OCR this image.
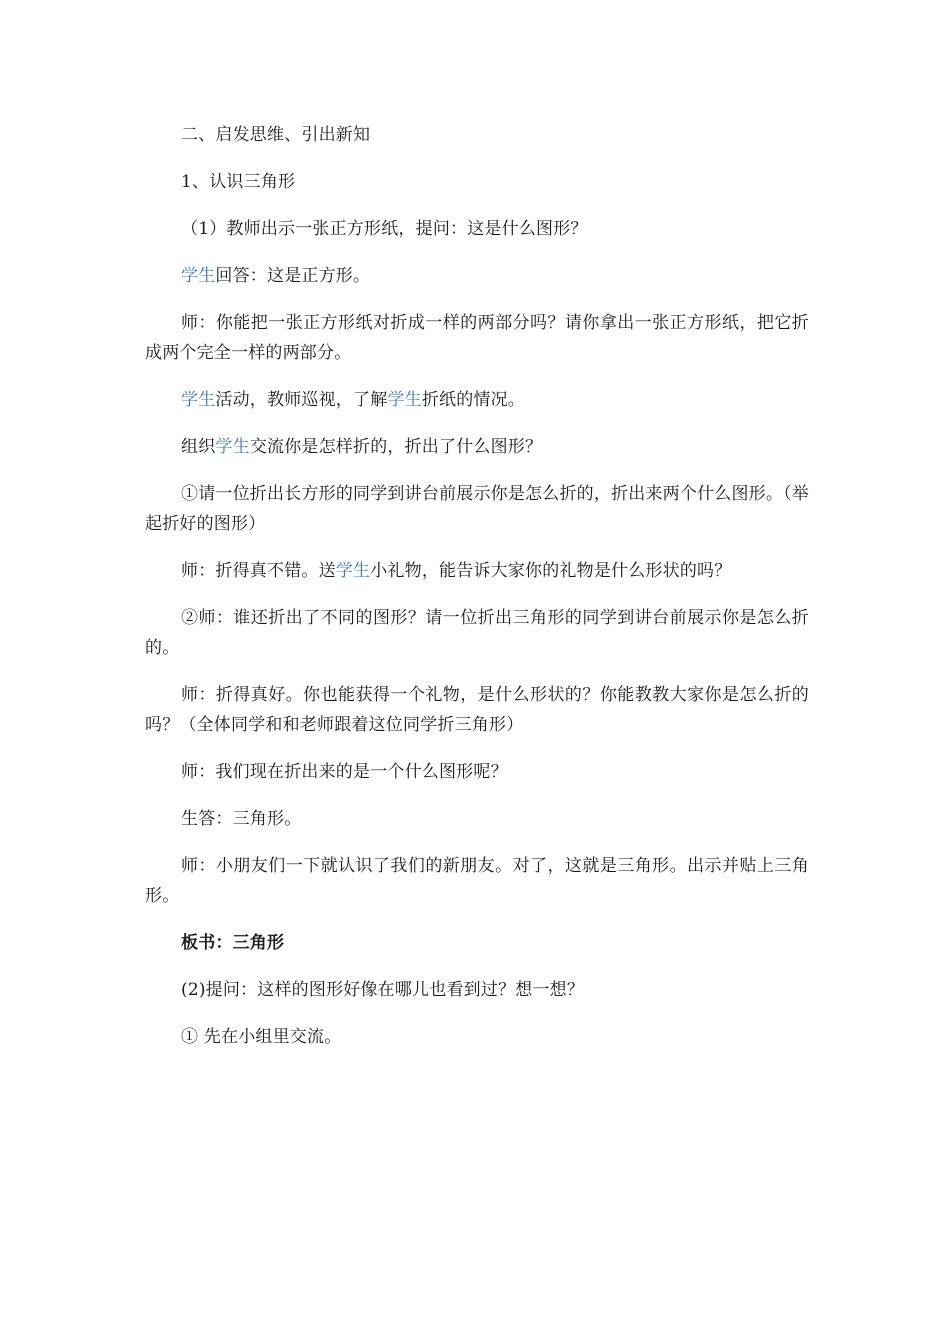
二、启发思维、引出新知

1、认识三角形

（1）教师出示一张正方形纸，提问：这是什么图形？

学生回答：这是正方形。

师：你能把一张正方形纸对折成一样的两部分吗？请你拿出一张正方形纸，把它折成两个完全一样的两部分。

学生活动，教师巡视，了解学生折纸的情况。

组织学生交流你是怎样折的，折出了什么图形？

①请一位折出长方形的同学到讲台前展示你是怎么折的，折出来两个什么图形。（举起折好的图形）

师：折得真不错。送学生小礼物，能告诉大家你的礼物是什么形状的吗？

②师：谁还折出了不同的图形？请一位折出三角形的同学到讲台前展示你是怎么折的。

师：折得真好。你也能获得一个礼物，是什么形状的？你能教教大家你是怎么折的吗？（全体同学和和老师跟着这位同学折三角形）

师：我们现在折出来的是一个什么图形呢？

生答：三角形。

师：小朋友们一下就认识了我们的新朋友。对了，这就是三角形。出示并贴上三角形。

板书：三角形

(2)提问：这样的图形好像在哪儿也看到过？想一想？

① 先在小组里交流。
